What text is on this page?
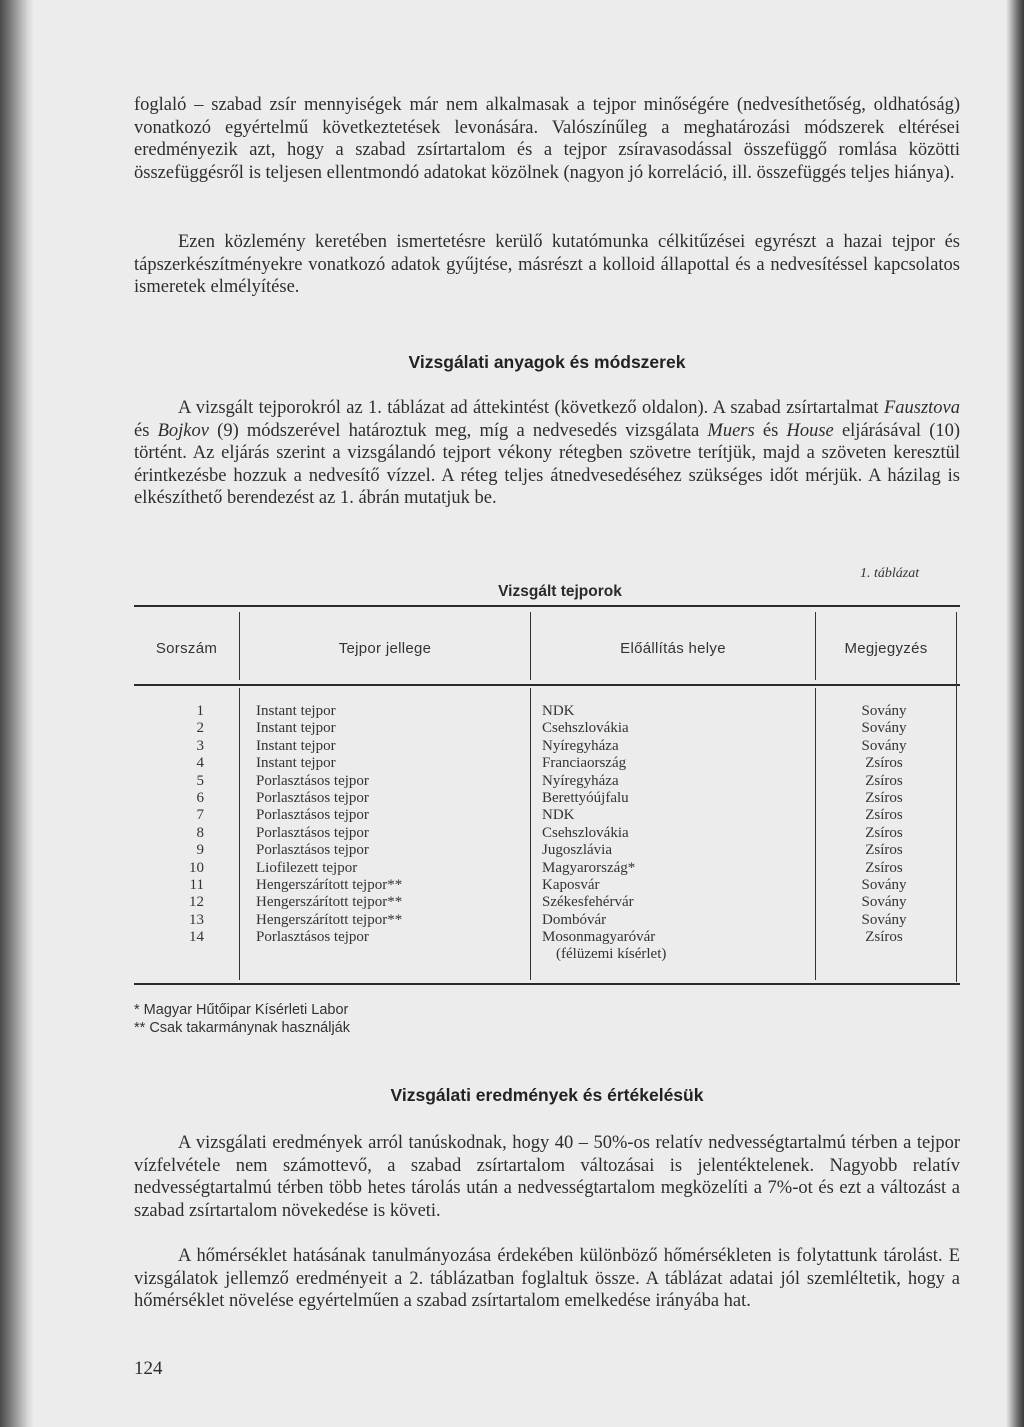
foglaló – szabad zsír mennyiségek már nem alkalmasak a tejpor minőségére (nedvesíthetőség, oldhatóság) vonatkozó egyértelmű következtetések levonására. Valószínűleg a meghatározási módszerek eltérései eredményezik azt, hogy a szabad zsírtartalom és a tejpor zsíravasodással összefüggő romlása közötti összefüggésről is teljesen ellentmondó adatokat közölnek (nagyon jó korreláció, ill. összefüggés teljes hiánya).

Ezen közlemény keretében ismertetésre kerülő kutatómunka célkitűzései egyrészt a hazai tejpor és tápszerkészítményekre vonatkozó adatok gyűjtése, másrészt a kolloid állapottal és a nedvesítéssel kapcsolatos ismeretek elmélyítése.

Vizsgálati anyagok és módszerek

A vizsgált tejporokról az 1. táblázat ad áttekintést (következő oldalon). A szabad zsírtartalmat Fausztova és Bojkov (9) módszerével határoztuk meg, míg a nedvesedés vizsgálata Muers és House eljárásával (10) történt. Az eljárás szerint a vizsgálandó tejport vékony rétegben szövetre terítjük, majd a szöveten keresztül érintkezésbe hozzuk a nedvesítő vízzel. A réteg teljes átnedvesedéséhez szükséges időt mérjük. A házilag is elkészíthető berendezést az 1. ábrán mutatjuk be.

1. táblázat
Vizsgált tejporok
Sorszám	Tejpor jellege	Előállítás helye	Megjegyzés
1	Instant tejpor	NDK	Sovány
2	Instant tejpor	Csehszlovákia	Sovány
3	Instant tejpor	Nyíregyháza	Sovány
4	Instant tejpor	Franciaország	Zsíros
5	Porlasztásos tejpor	Nyíregyháza	Zsíros
6	Porlasztásos tejpor	Berettyóújfalu	Zsíros
7	Porlasztásos tejpor	NDK	Zsíros
8	Porlasztásos tejpor	Csehszlovákia	Zsíros
9	Porlasztásos tejpor	Jugoszlávia	Zsíros
10	Liofilezett tejpor	Magyarország*	Zsíros
11	Hengerszárított tejpor**	Kaposvár	Sovány
12	Hengerszárított tejpor**	Székesfehérvár	Sovány
13	Hengerszárított tejpor**	Dombóvár	Sovány
14	Porlasztásos tejpor	Mosonmagyaróvár	Zsíros
(félüzemi kísérlet)
* Magyar Hűtőipar Kísérleti Labor
** Csak takarmánynak használják
Vizsgálati eredmények és értékelésük

A vizsgálati eredmények arról tanúskodnak, hogy 40 – 50%-os relatív nedvességtartalmú térben a tejpor vízfelvétele nem számottevő, a szabad zsírtartalom változásai is jelentéktelenek. Nagyobb relatív nedvességtartalmú térben több hetes tárolás után a nedvességtartalom megközelíti a 7%-ot és ezt a változást a szabad zsírtartalom növekedése is követi.

A hőmérséklet hatásának tanulmányozása érdekében különböző hőmérsékleten is folytattunk tárolást. E vizsgálatok jellemző eredményeit a 2. táblázatban foglaltuk össze. A táblázat adatai jól szemléltetik, hogy a hőmérséklet növelése egyértelműen a szabad zsírtartalom emelkedése irányába hat.

124
